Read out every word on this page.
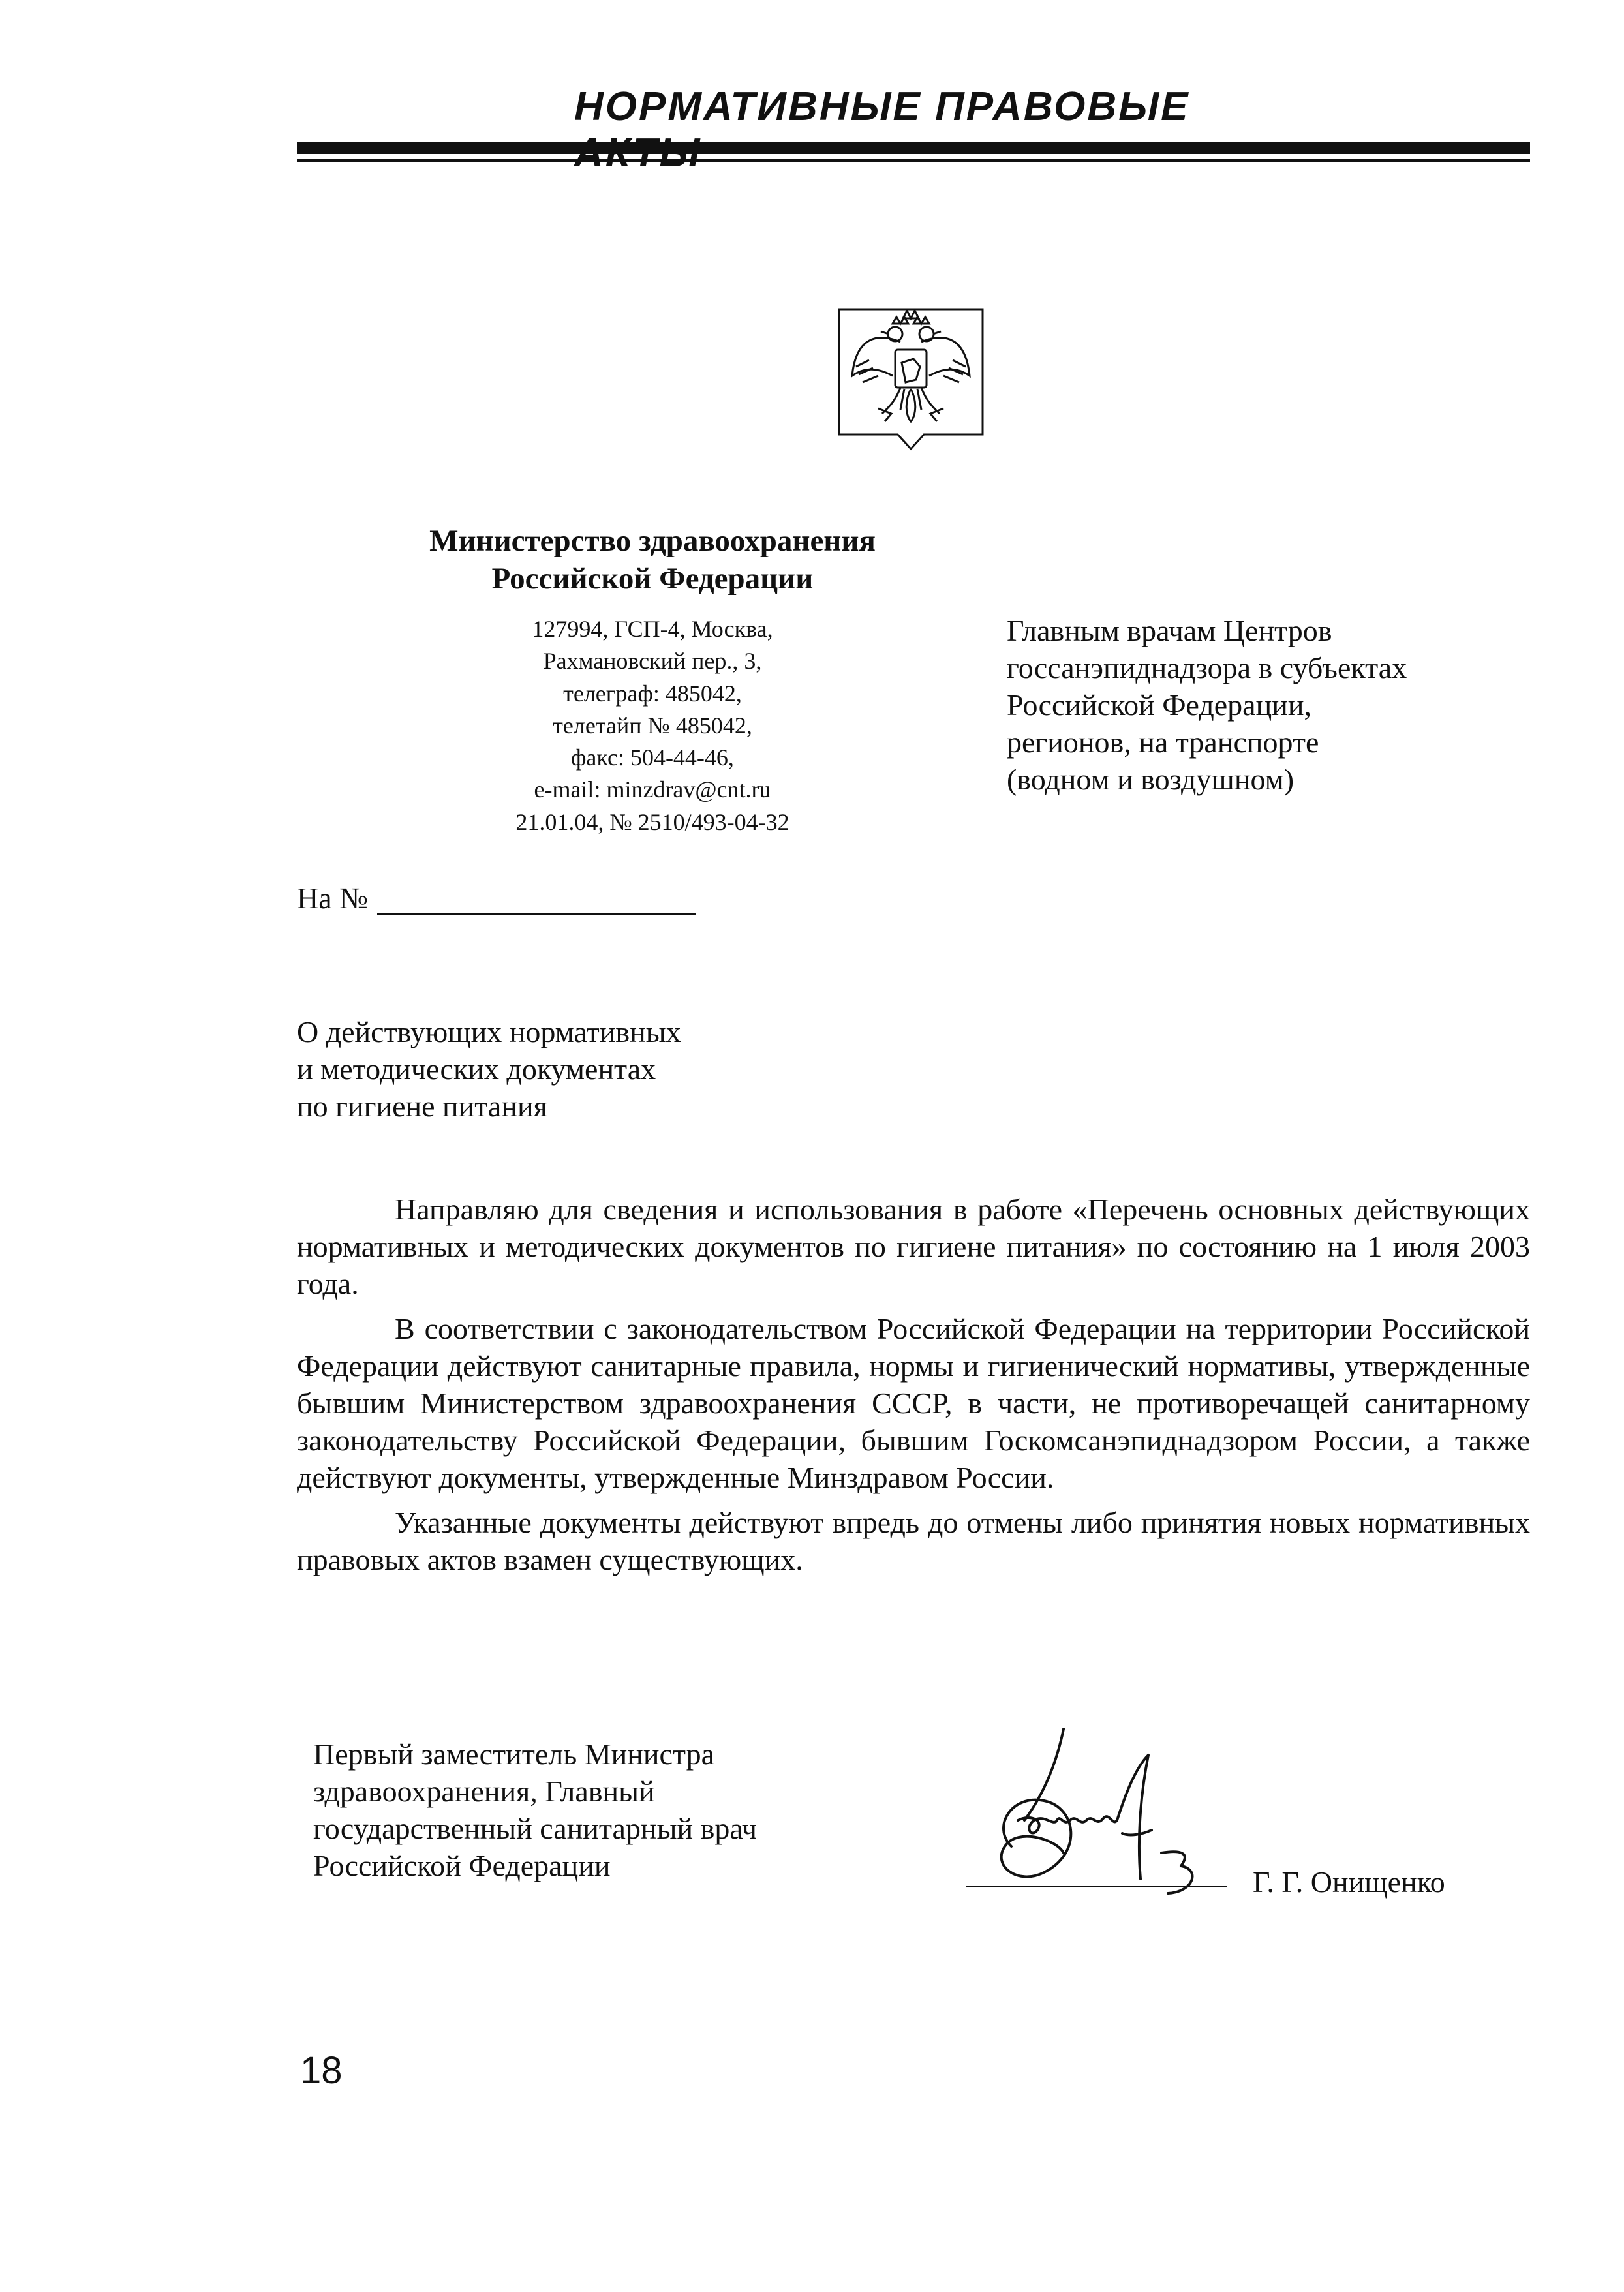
НОРМАТИВНЫЕ ПРАВОВЫЕ
Министерство здравоохранения
Российской Федерации
127994, ГСП-4, Москва,
Рахмановский пер., 3,
телеграф: 485042,
телетайп № 485042,
факс: 504-44-46,
e-mail: minzdrav@cnt.ru
21.01.04, № 2510/493-04-32
Главным врачам Центров
госсанэпиднадзора в субъектах
Российской Федерации,
регионов, на транспорте
(водном и воздушном)
На №
О действующих нормативных
и методических документах
по гигиене питания

Направляю для сведения и использования в работе «Перечень основных действующих нормативных и методических документов по гигиене питания» по состоянию на 1 июля 2003 года.

В соответствии с законодательством Российской Федерации на территории Российской Федерации действуют санитарные правила, нормы и гигиенический нормативы, утвержденные бывшим Министерством здравоохранения СССР, в части, не противоречащей санитарному законодательству Российской Федерации, бывшим Госкомсанэпиднадзором России, а также действуют документы, утвержденные Минздравом России.

Указанные документы действуют впредь до отмены либо принятия новых нормативных правовых актов взамен существующих.

Первый заместитель Министра
здравоохранения, Главный
государственный санитарный врач
Российской Федерации	Г. Г. Онищенко
18
